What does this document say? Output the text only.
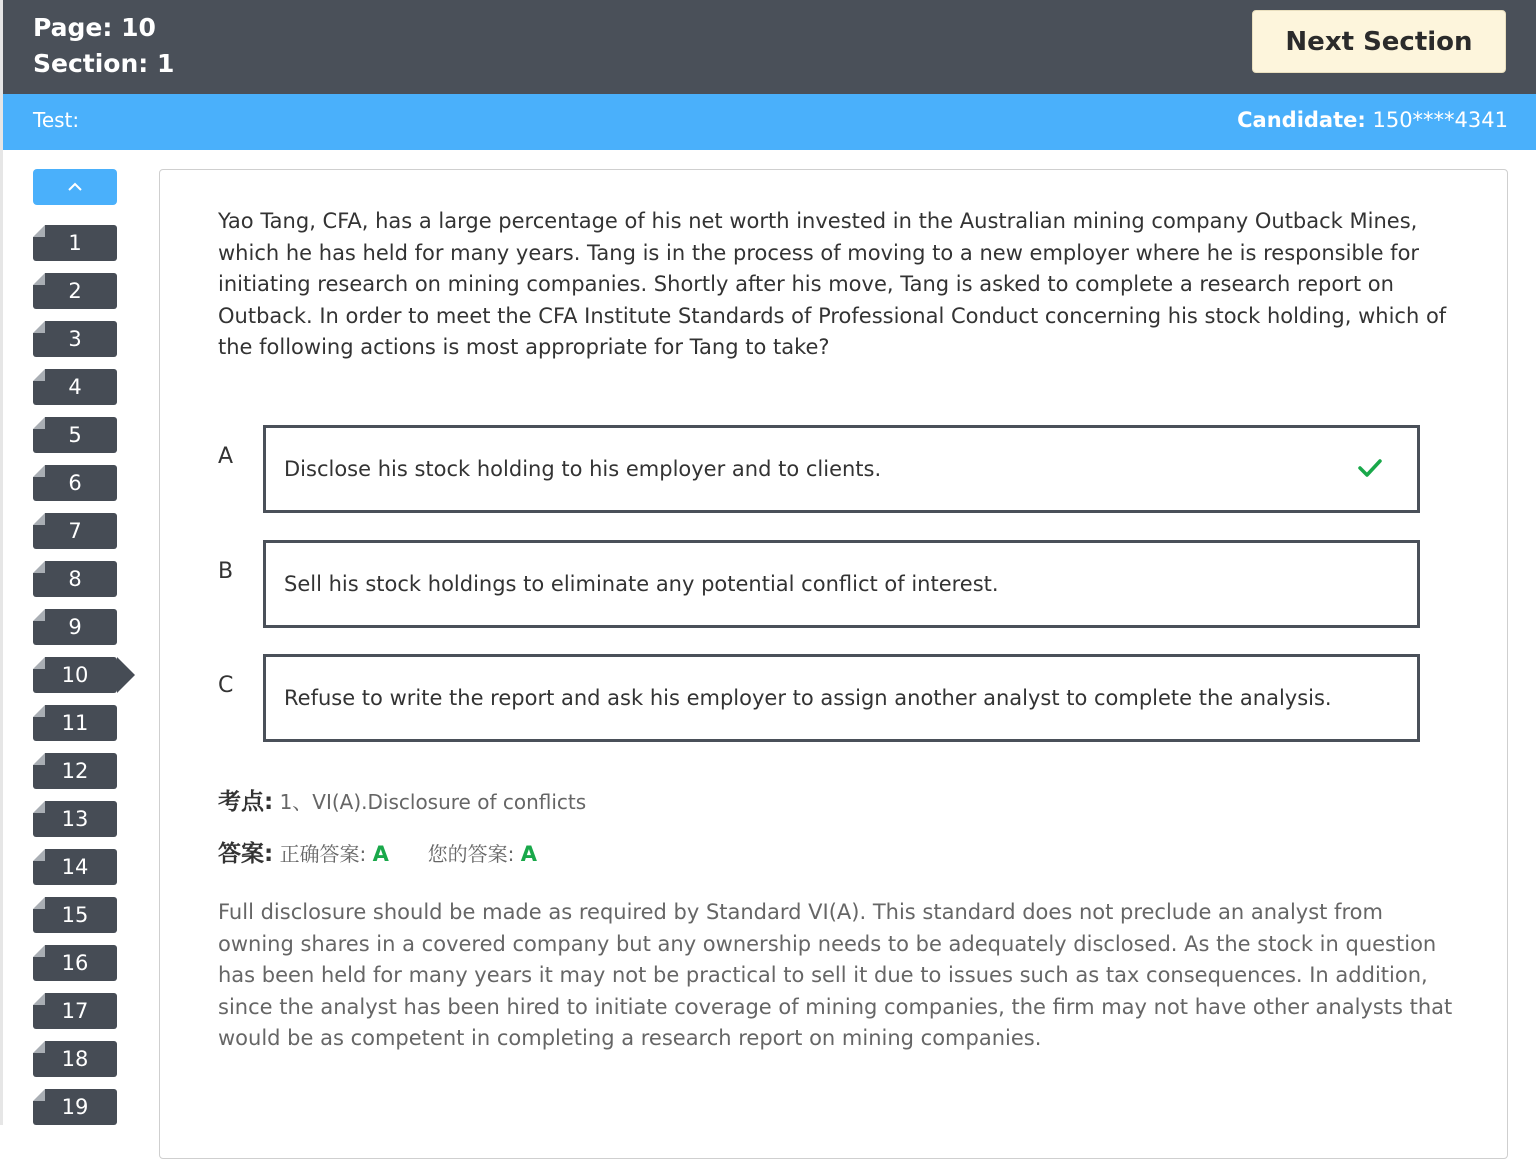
Page: 10
Section: 1
Next Section
Test:	Candidate: 150****4341
1
2
3
4
5
6
7
8
9
10
11
12
13
14
15
16
17
18
19
Yao Tang, CFA, has a large percentage of his net worth invested in the Australian mining company Outback Mines, which he has held for many years. Tang is in the process of moving to a new employer where he is responsible for initiating research on mining companies. Shortly after his move, Tang is asked to complete a research report on Outback. In order to meet the CFA Institute Standards of Professional Conduct concerning his stock holding, which of the following actions is most appropriate for Tang to take?
A Disclose his stock holding to his employer and to clients.
B Sell his stock holdings to eliminate any potential conflict of interest.
C Refuse to write the report and ask his employer to assign another analyst to complete the analysis.
考点: 1、VI(A).Disclosure of conflicts
答案: 正确答案: A 您的答案: A
Full disclosure should be made as required by Standard VI(A). This standard does not preclude an analyst from owning shares in a covered company but any ownership needs to be adequately disclosed. As the stock in question has been held for many years it may not be practical to sell it due to issues such as tax consequences. In addition, since the analyst has been hired to initiate coverage of mining companies, the firm may not have other analysts that would be as competent in completing a research report on mining companies.
